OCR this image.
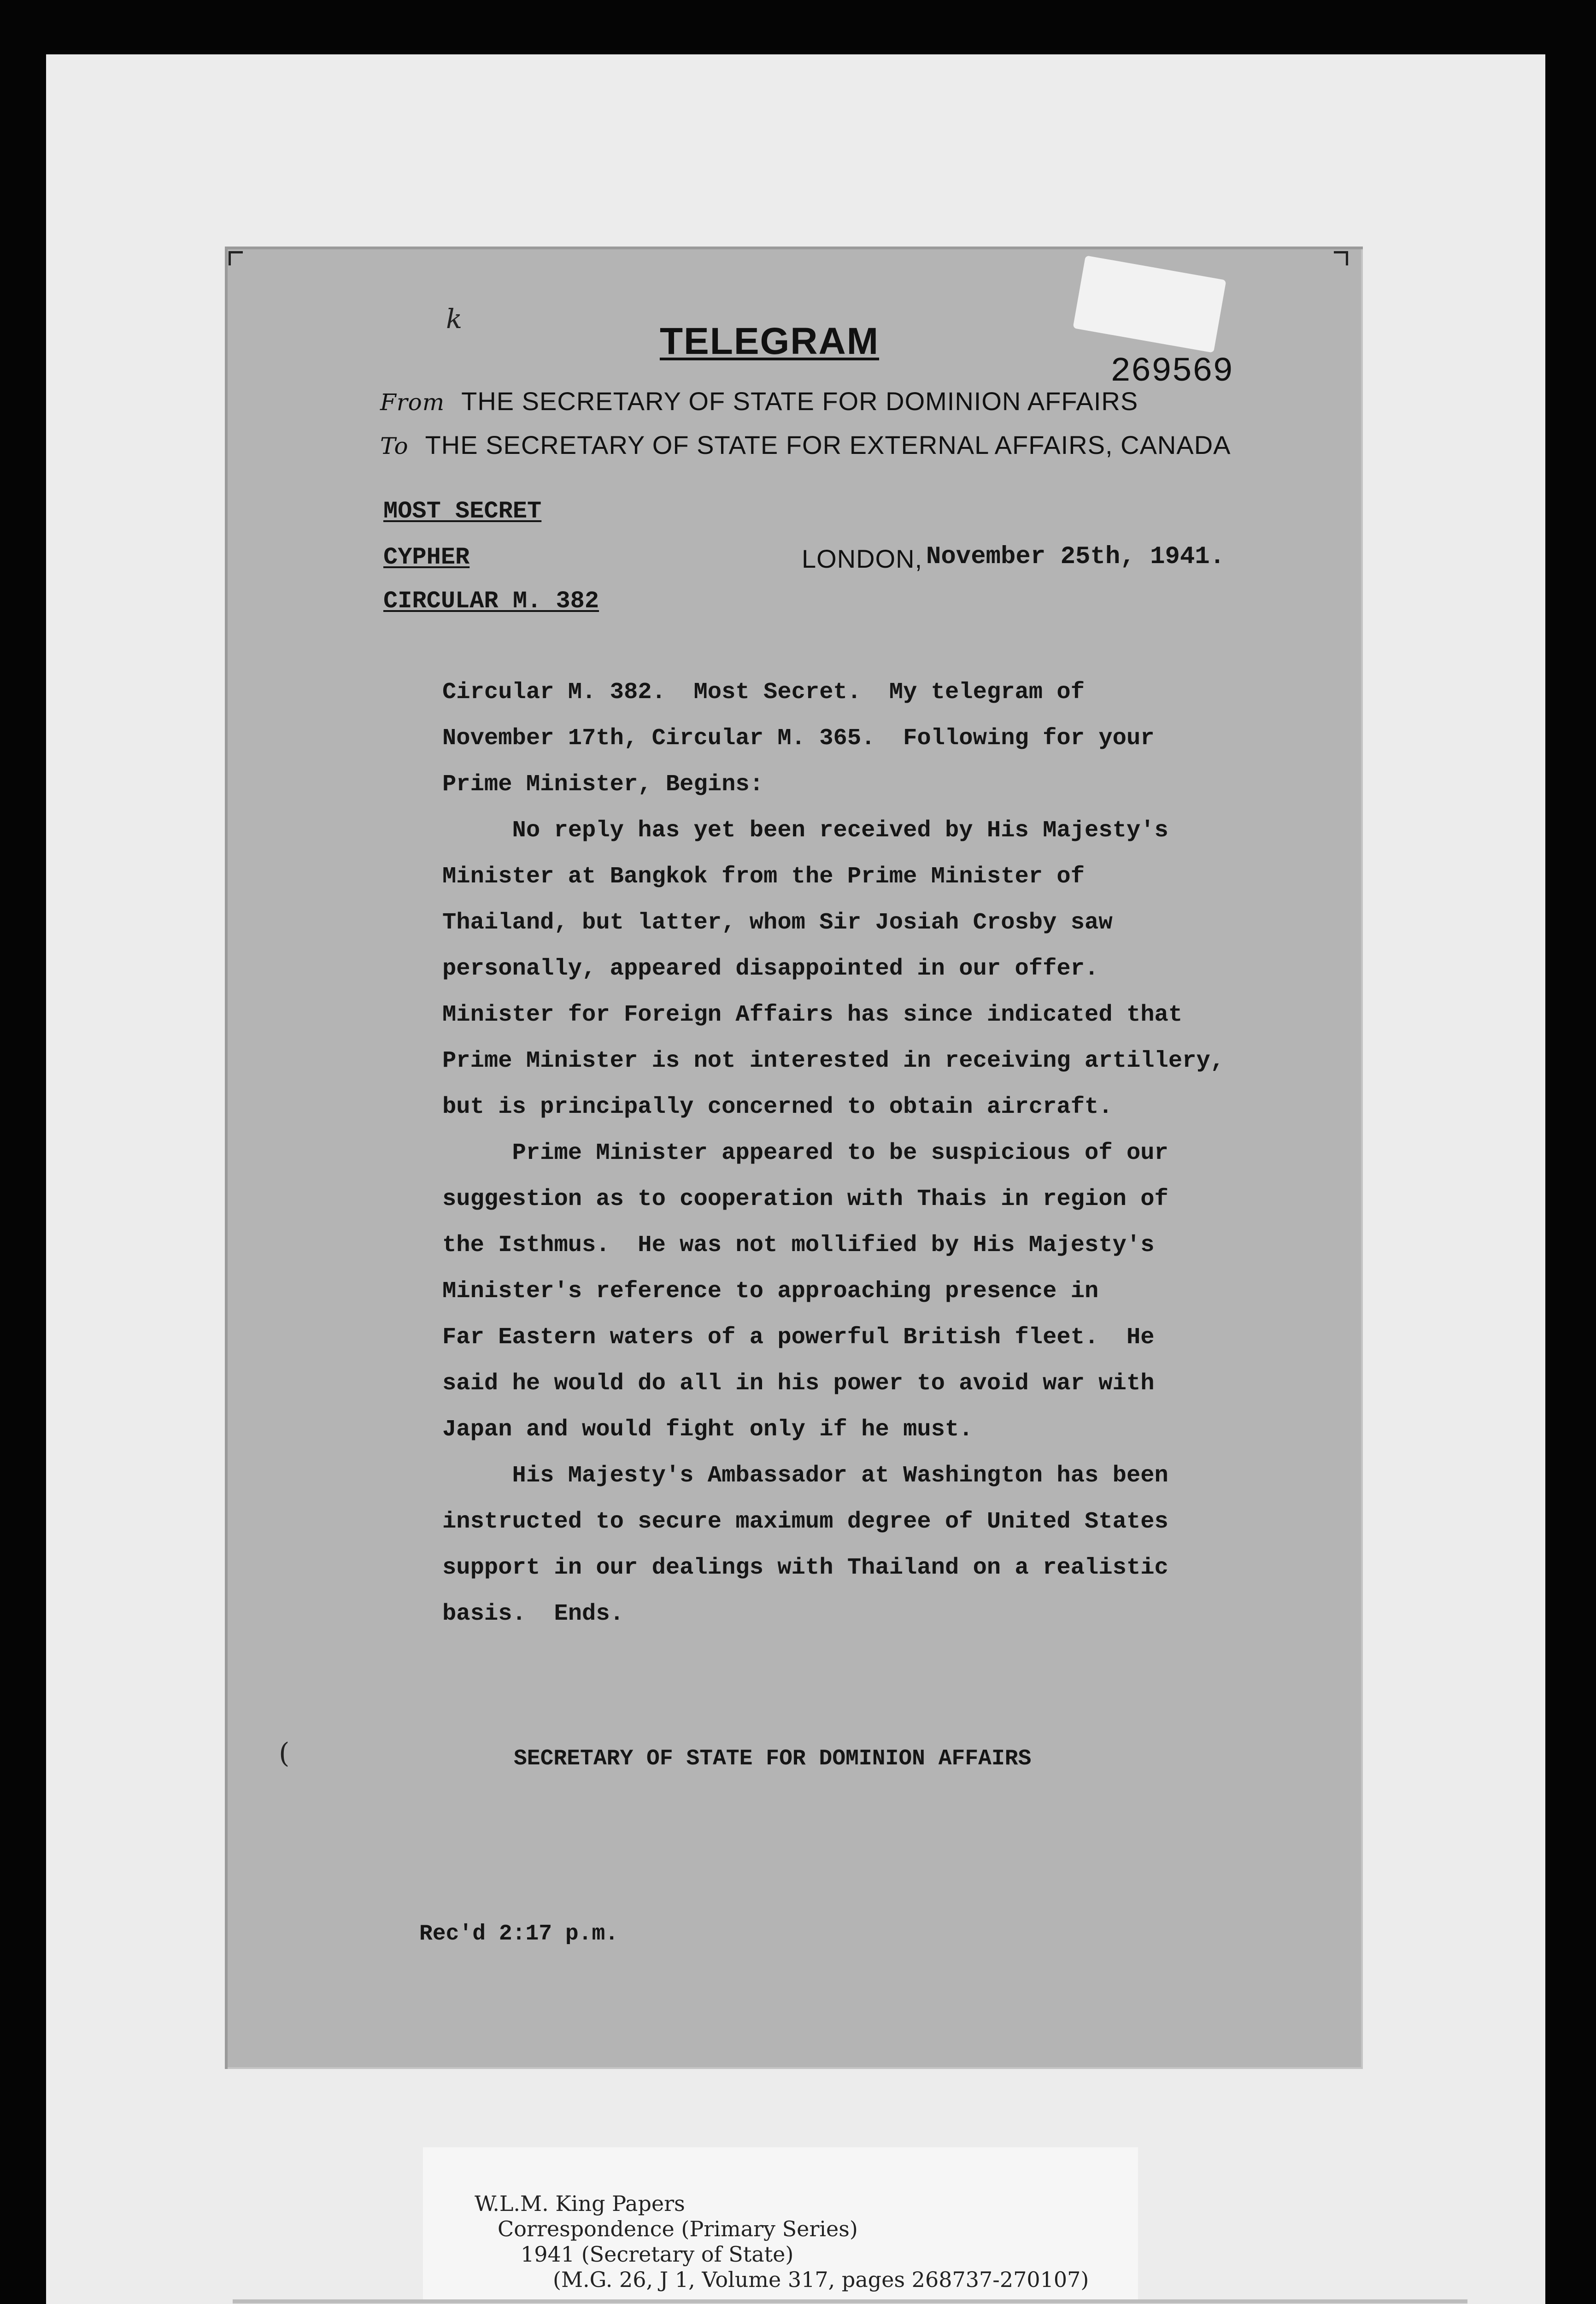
k
TELEGRAM
269569
From THE SECRETARY OF STATE FOR DOMINION AFFAIRS
To THE SECRETARY OF STATE FOR EXTERNAL AFFAIRS, CANADA
MOST SECRET
CYPHER
CIRCULAR M. 382
LONDON, November 25th, 1941.
Circular M. 382.  Most Secret.  My telegram of
November 17th, Circular M. 365.  Following for your
Prime Minister, Begins:
No reply has yet been received by His Majesty's
Minister at Bangkok from the Prime Minister of
Thailand, but latter, whom Sir Josiah Crosby saw
personally, appeared disappointed in our offer.
Minister for Foreign Affairs has since indicated that
Prime Minister is not interested in receiving artillery,
but is principally concerned to obtain aircraft.
Prime Minister appeared to be suspicious of our
suggestion as to cooperation with Thais in region of
the Isthmus.  He was not mollified by His Majesty's
Minister's reference to approaching presence in
Far Eastern waters of a powerful British fleet.  He
said he would do all in his power to avoid war with
Japan and would fight only if he must.
His Majesty's Ambassador at Washington has been
instructed to secure maximum degree of United States
support in our dealings with Thailand on a realistic
basis.  Ends.
(	SECRETARY OF STATE FOR DOMINION AFFAIRS
Rec'd 2:17 p.m.
W.L.M. King Papers
Correspondence (Primary Series)
1941 (Secretary of State)
(M.G. 26, J 1, Volume 317, pages 268737-270107)
